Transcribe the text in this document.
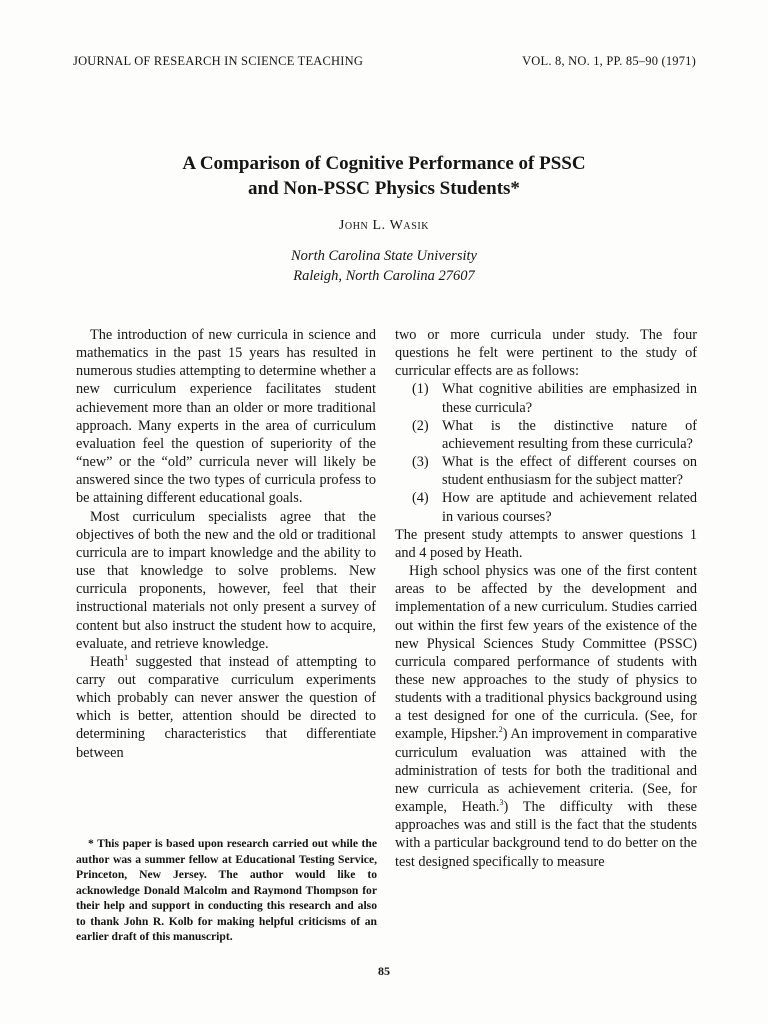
JOURNAL OF RESEARCH IN SCIENCE TEACHING	VOL. 8, NO. 1, PP. 85–90 (1971)
A Comparison of Cognitive Performance of PSSC
and Non-PSSC Physics Students*
John L. Wasik
North Carolina State University
Raleigh, North Carolina 27607

The introduction of new curricula in science and mathematics in the past 15 years has resulted in numerous studies attempting to determine whether a new curriculum experience facilitates student achievement more than an older or more traditional approach. Many experts in the area of curriculum evaluation feel the question of superiority of the “new” or the “old” curricula never will likely be answered since the two types of curricula profess to be attaining different educational goals.

Most curriculum specialists agree that the objectives of both the new and the old or traditional curricula are to impart knowledge and the ability to use that knowledge to solve problems. New curricula proponents, however, feel that their instructional materials not only present a survey of content but also instruct the student how to acquire, evaluate, and retrieve knowledge.

Heath$^1$ suggested that instead of attempting to carry out comparative curriculum experiments which probably can never answer the question of which is better, attention should be directed to determining characteristics that differentiate between

two or more curricula under study. The four questions he felt were pertinent to the study of curricular effects are as follows:

(1) What cognitive abilities are emphasized in these curricula?
(2) What is the distinctive nature of achievement resulting from these curricula?
(3) What is the effect of different courses on student enthusiasm for the subject matter?
(4) How are aptitude and achievement related in various courses?

The present study attempts to answer questions 1 and 4 posed by Heath.

High school physics was one of the first content areas to be affected by the development and implementation of a new curriculum. Studies carried out within the first few years of the existence of the new Physical Sciences Study Committee (PSSC) curricula compared performance of students with these new approaches to the study of physics to students with a traditional physics background using a test designed for one of the curricula. (See, for example, Hipsher.$^2$) An improvement in comparative curriculum evaluation was attained with the administration of tests for both the traditional and new curricula as achievement criteria. (See, for example, Heath.$^3$) The difficulty with these approaches was and still is the fact that the students with a particular background tend to do better on the test designed specifically to measure

* This paper is based upon research carried out while the author was a summer fellow at Educational Testing Service, Princeton, New Jersey. The author would like to acknowledge Donald Malcolm and Raymond Thompson for their help and support in conducting this research and also to thank John R. Kolb for making helpful criticisms of an earlier draft of this manuscript.
85
